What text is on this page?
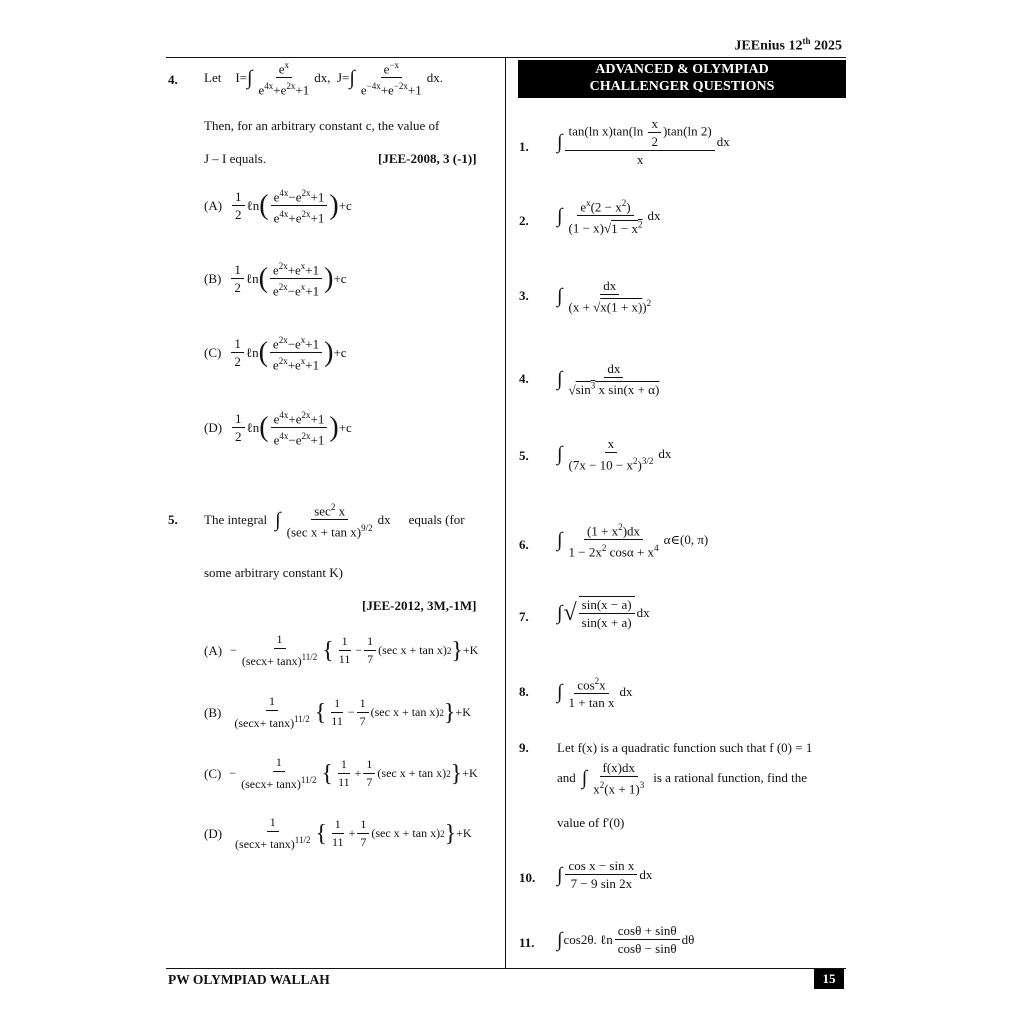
JEEnius 12th 2025
PW OLYMPIAD WALLAH	15
4. Let I= ∫ $\frac{e^x}{e^{4x}+e^{2x}+1}$ dx,  J= ∫ $\frac{e^{-x}}{e^{-4x}+e^{-2x}+1}$ dx.
Then, for an arbitrary constant c, the value of
J – I equals.	[JEE-2008, 3 (-1)]
$(A) \frac{1}{2}$ ℓn ( $\frac{e^{4x}-e^{2x}+1}{e^{4x}+e^{2x}+1}$ ) +c
$(B) \frac{1}{2}$ ℓn ( $\frac{e^{2x}+e^x+1}{e^{2x}-e^x+1}$ ) +c
$(C) \frac{1}{2}$ ℓn ( $\frac{e^{2x}-e^x+1}{e^{2x}+e^x+1}$ ) +c
$(D) \frac{1}{2}$ ℓn ( $\frac{e^{4x}+e^{2x}+1}{e^{4x}-e^{2x}+1}$ ) +c
5. The integral ∫ $\frac{\sec^2 x}{(\sec x + \tan x)^{9/2}}$ dx equals (for
some arbitrary constant K)
[JEE-2012, 3M,-1M]
$(A) - \frac{1}{(\sec x+ \tan x)^{11/2}}$ { $\frac{1}{11} - \frac{1}{7} (\sec$ x + tan x) 2 } +K
$(B) \frac{1}{(\sec x+ \tan x)^{11/2}}$ { $\frac{1}{11} - \frac{1}{7} (\sec$ x + tan x) 2 } +K
$(C) - \frac{1}{(\sec x+ \tan x)^{11/2}}$ { $\frac{1}{11} + \frac{1}{7} (\sec$ x + tan x) 2 } +K
$(D) \frac{1}{(\sec x+ \tan x)^{11/2}}$ { $\frac{1}{11} + \frac{1}{7} (\sec$ x + tan x) 2 } +K
ADVANCED & OLYMPIAD
CHALLENGER QUESTIONS
1. ∫ $\frac{\tan(\ln x)\tan(\ln \frac{x}{2} )\tan(\ln 2)}{x}$ dx
2. ∫ $\frac{e^x(2 - x^2)}{(1 - x)√1 - x^2}$ dx
3. ∫ $\frac{dx}{(x + √x(1 + x))^2}$
4. ∫ $\frac{dx}{√\sin^3 x \sin(x + \alpha)}$
5. ∫ $\frac{x}{(7x - 10 - x^2)^{3/2}}$ dx
6. ∫ $\frac{(1 + x^2)dx}{1 - 2x^2 \cos\alpha + x^4}$ α∈(0, π)
7. ∫ √ $\frac{\sin(x - a)}{\sin(x + a)}$ dx
8. ∫ $\frac{\cos^2x}{\text{1 + tan x}}$ dx
9. Let f(x) is a quadratic function such that f (0) = 1
and ∫ $\frac{f(x)dx}{x^2(x + 1)^3}$ is a rational function, find the
value of f'(0)
10. ∫ $\frac{\text{cos x − sin x}}{7 - 9 \sin 2x}$ dx
11. ∫ cos2θ. ℓn $\frac{\cos\theta + \sin\theta}{\cos\theta - \sin\theta}$ dθ
